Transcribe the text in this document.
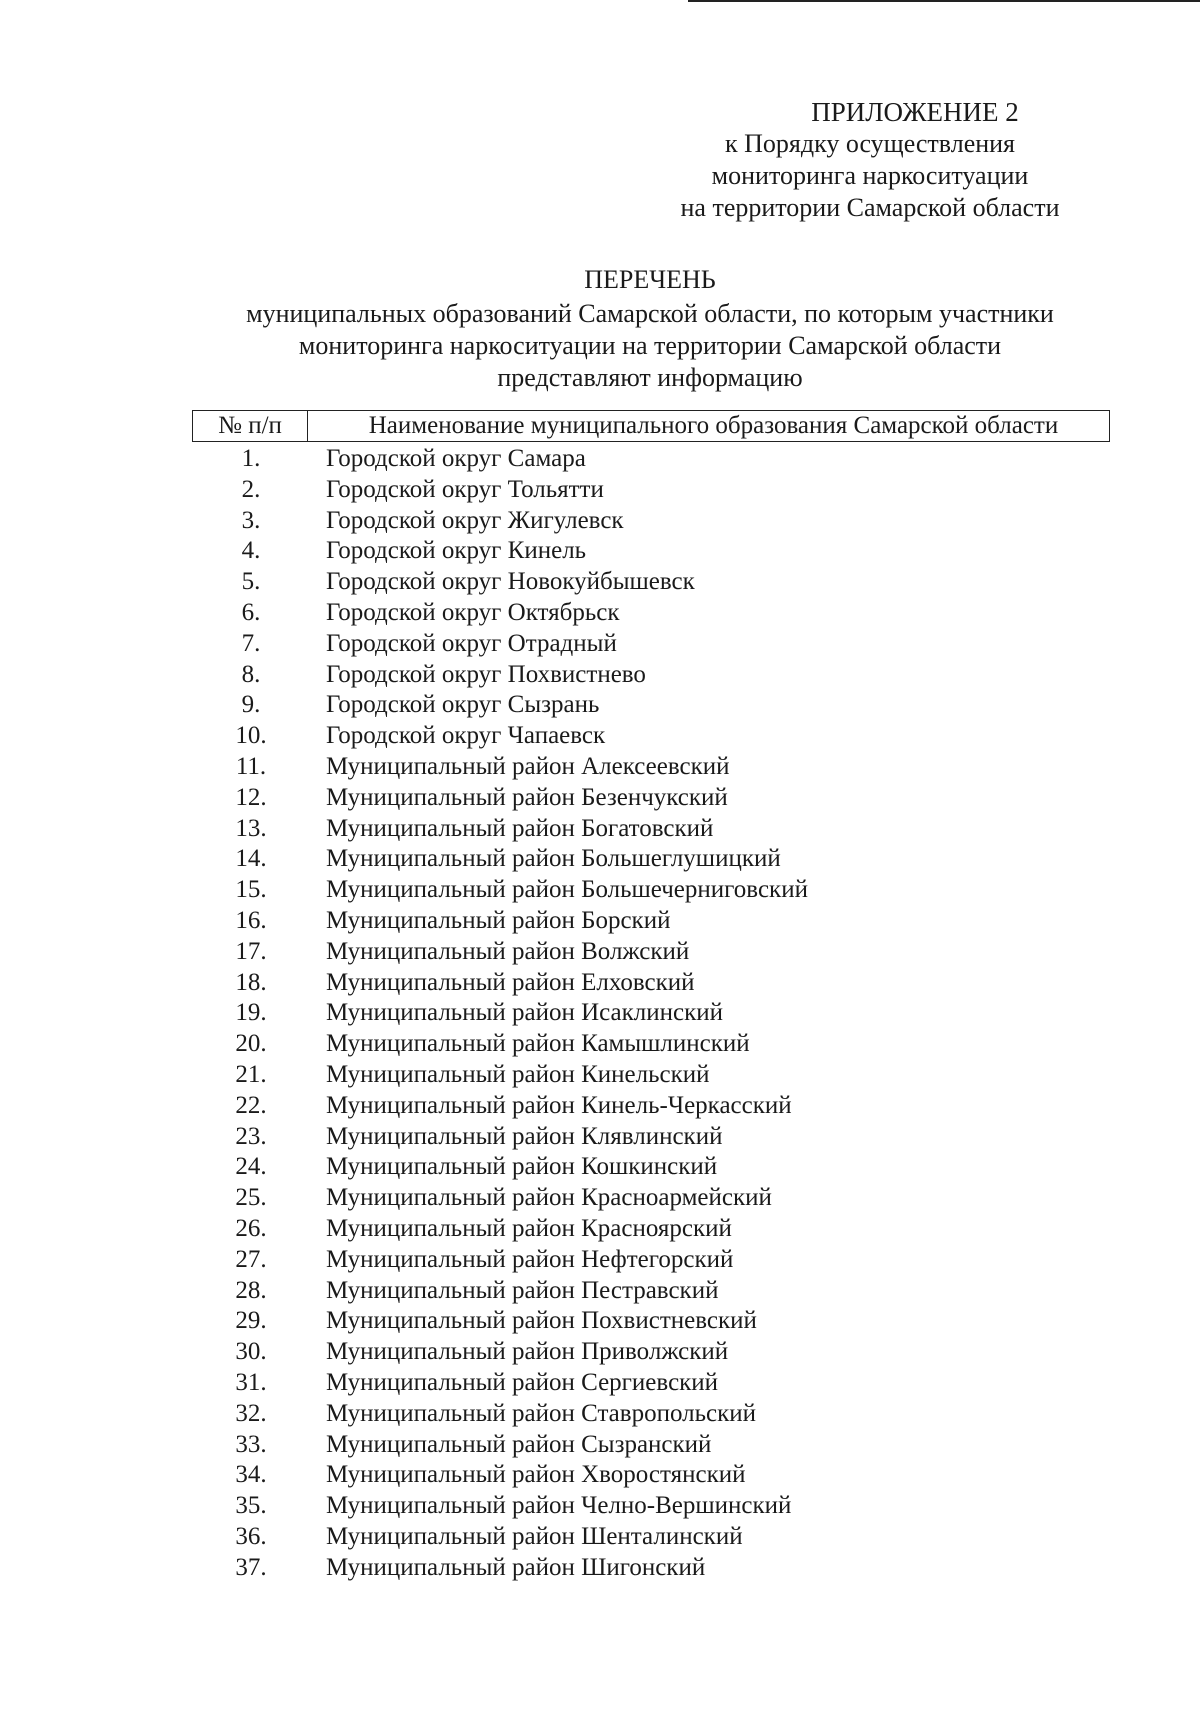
ПРИЛОЖЕНИЕ 2
к Порядку осуществления
мониторинга наркоситуации
на территории Самарской области
ПЕРЕЧЕНЬ
муниципальных образований Самарской области, по которым участники
мониторинга наркоситуации на территории Самарской области
представляют информацию
№ п/п	Наименование муниципального образования Самарской области
1.	Городской округ Самара
2.	Городской округ Тольятти
3.	Городской округ Жигулевск
4.	Городской округ Кинель
5.	Городской округ Новокуйбышевск
6.	Городской округ Октябрьск
7.	Городской округ Отрадный
8.	Городской округ Похвистнево
9.	Городской округ Сызрань
10.	Городской округ Чапаевск
11.	Муниципальный район Алексеевский
12.	Муниципальный район Безенчукский
13.	Муниципальный район Богатовский
14.	Муниципальный район Большеглушицкий
15.	Муниципальный район Большечерниговский
16.	Муниципальный район Борский
17.	Муниципальный район Волжский
18.	Муниципальный район Елховский
19.	Муниципальный район Исаклинский
20.	Муниципальный район Камышлинский
21.	Муниципальный район Кинельский
22.	Муниципальный район Кинель-Черкасский
23.	Муниципальный район Клявлинский
24.	Муниципальный район Кошкинский
25.	Муниципальный район Красноармейский
26.	Муниципальный район Красноярский
27.	Муниципальный район Нефтегорский
28.	Муниципальный район Пестравский
29.	Муниципальный район Похвистневский
30.	Муниципальный район Приволжский
31.	Муниципальный район Сергиевский
32.	Муниципальный район Ставропольский
33.	Муниципальный район Сызранский
34.	Муниципальный район Хворостянский
35.	Муниципальный район Челно-Вершинский
36.	Муниципальный район Шенталинский
37.	Муниципальный район Шигонский
